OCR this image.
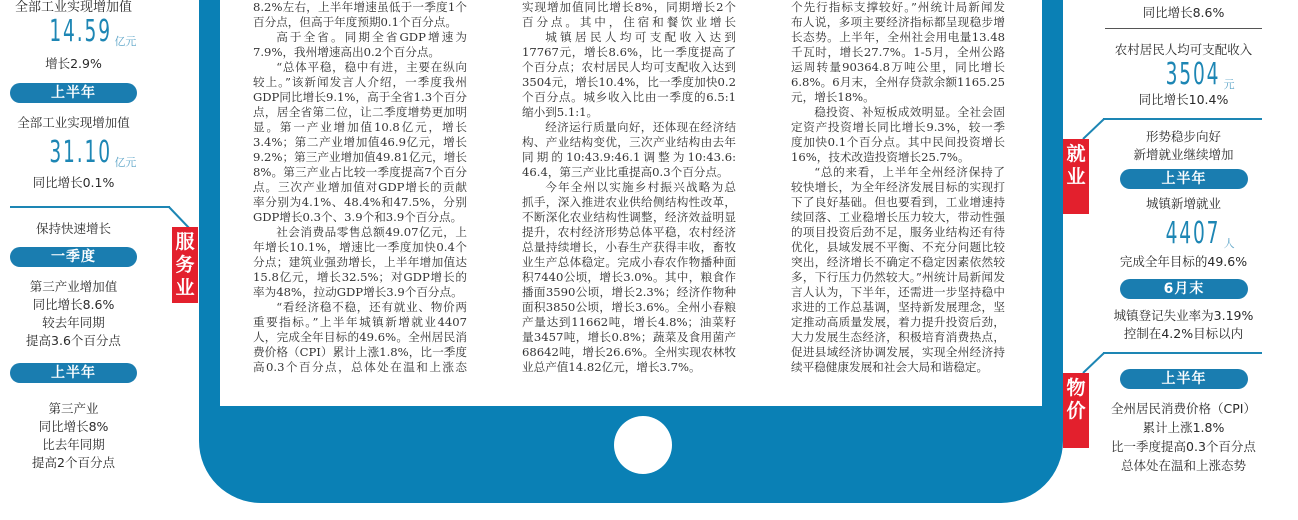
8.2%左右，上半年增速虽低于一季度1个
百分点，但高于年度预期0.1个百分点。
高于全省。同期全省GDP增速为
7.9%，我州增速高出0.2个百分点。
“总体平稳，稳中有进，主要在纵向
较上。”该新闻发言人介绍，一季度我州
GDP同比增长9.1%，高于全省1.3个百分
点，居全省第二位，让二季度增势更加明
显。第一产业增加值10.8亿元，增长
3.4%；第二产业增加值46.9亿元，增长
9.2%；第三产业增加值49.81亿元，增长
8%。第三产业占比较一季度提高7个百分
点。三次产业增加值对GDP增长的贡献
率分别为4.1%、48.4%和47.5%，分别
GDP增长0.3个、3.9个和3.9个百分点。
社会消费品零售总额49.07亿元，上
年增长10.1%，增速比一季度加快0.4个
分点；建筑业强劲增长，上半年增加值达
15.8亿元，增长32.5%；对GDP增长的
率为48%，拉动GDP增长3.9个百分点。
“看经济稳不稳，还有就业、物价两
重要指标。”上半年城镇新增就业4407
人，完成全年目标的49.6%。全州居民消
费价格（CPI）累计上涨1.8%，比一季度
高0.3个百分点，总体处在温和上涨态
实现增加值同比增长8%，同期增长2个
百分点。其中，住宿和餐饮业增长
城镇居民人均可支配收入达到
17767元，增长8.6%，比一季度提高了
个百分点；农村居民人均可支配收入达到
3504元，增长10.4%，比一季度加快0.2
个百分点。城乡收入比由一季度的6.5:1
缩小到5.1:1。
经济运行质量向好，还体现在经济结
构、产业结构变优，三次产业结构由去年
同期的10:43.9:46.1调整为10:43.6:
46.4，第三产业比重提高0.3个百分点。
今年全州以实施乡村振兴战略为总
抓手，深入推进农业供给侧结构性改革，
不断深化农业结构性调整，经济效益明显
提升，农村经济形势总体平稳，农村经济
总量持续增长，小春生产获得丰收，畜牧
业生产总体稳定。完成小春农作物播种面
积7440公顷，增长3.0%。其中，粮食作
播面3590公顷，增长2.3%；经济作物种
面积3850公顷，增长3.6%。全州小春粮
产量达到11662吨，增长4.8%；油菜籽
量3457吨，增长0.8%；蔬菜及食用菌产
68642吨，增长26.6%。全州实现农林牧
业总产值14.82亿元，增长3.7%。
个先行指标支撑较好。”州统计局新闻发
布人说，多项主要经济指标都呈现稳步增
长态势。上半年，全州社会用电量13.48
千瓦时，增长27.7%。1-5月，全州公路
运周转量90364.8万吨公里，同比增长
6.8%。6月末，全州存贷款余额1165.25
元，增长18%。
稳投资、补短板成效明显。全社会固
定资产投资增长同比增长9.3%，较一季
度加快0.1个百分点。其中民间投资增长
16%，技术改造投资增长25.7%。
“总的来看，上半年全州经济保持了
较快增长，为全年经济发展目标的实现打
下了良好基础。但也要看到，工业增速持
续回落、工业稳增长压力较大，带动性强
的项目投资后劲不足，服务业结构还有待
优化，县域发展不平衡、不充分问题比较
突出，经济增长不确定不稳定因素依然较
多，下行压力仍然较大。”州统计局新闻发
言人认为，下半年，还需进一步坚持稳中
求进的工作总基调，坚持新发展理念，坚
定推动高质量发展，着力提升投资后劲，
大力发展生态经济，积极培育消费热点，
促进县域经济协调发展，实现全州经济持
续平稳健康发展和社会大局和谐稳定。
全部工业实现增加值
14.59 亿元
增长2.9%
上半年
全部工业实现增加值
31.10 亿元
同比增长0.1%
保持快速增长
服务业
一季度
第三产业增加值
同比增长8.6%
较去年同期
提高3.6个百分点
上半年
第三产业
同比增长8%
比去年同期
提高2个百分点
同比增长8.6%
农村居民人均可支配收入
3504 元
同比增长10.4%
就业
形势稳步向好
新增就业继续增加
上半年
城镇新增就业
4407 人
完成全年目标的49.6%
6月末
城镇登记失业率为3.19%
控制在4.2%目标以内
物价
上半年
全州居民消费价格（CPI）
累计上涨1.8%
比一季度提高0.3个百分点
总体处在温和上涨态势
